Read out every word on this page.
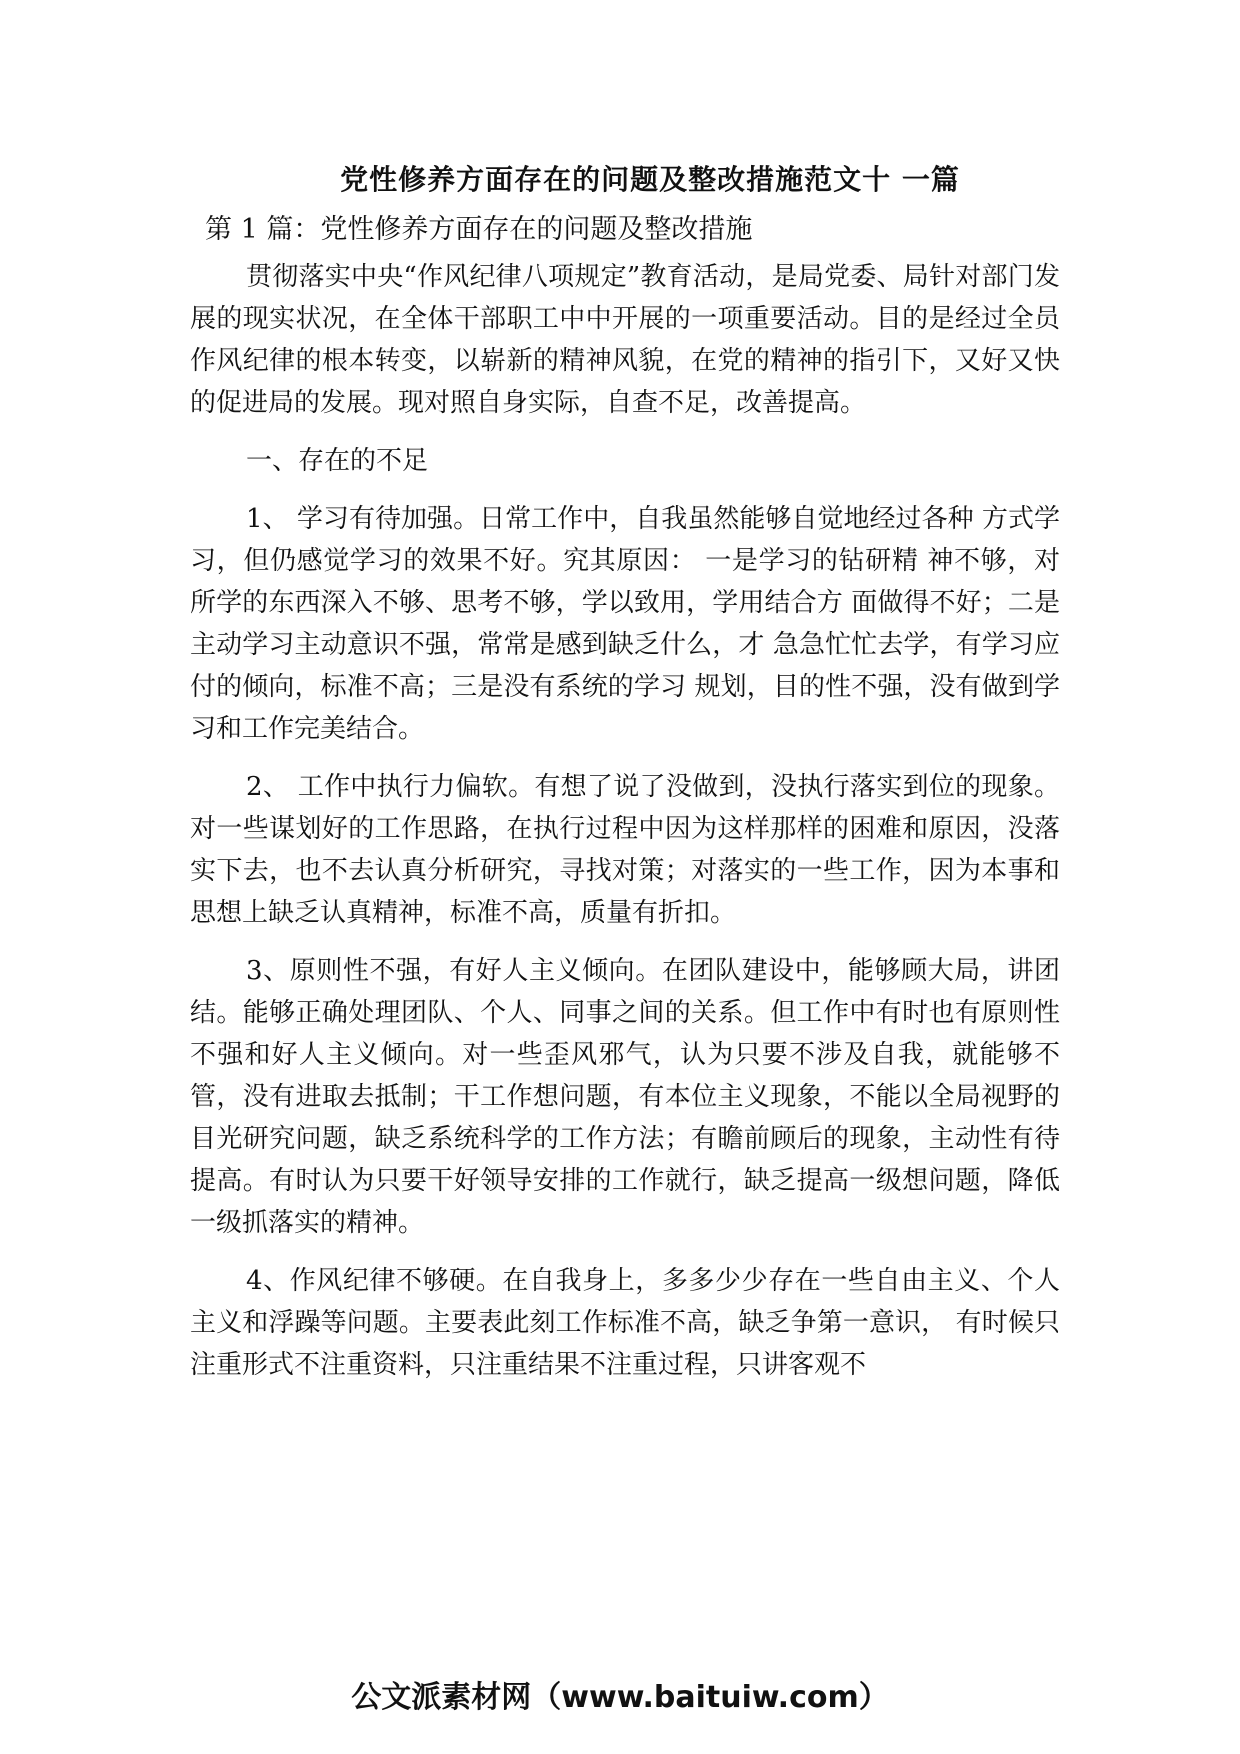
党性修养方面存在的问题及整改措施范文十 一篇

第 1 篇：党性修养方面存在的问题及整改措施

贯彻落实中央“作风纪律八项规定”教育活动，是局党委、局针对部门发展的现实状况，在全体干部职工中中开展的一项重要活动。目的是经过全员作风纪律的根本转变，以崭新的精神风貌，在党的精神的指引下，又好又快的促进局的发展。现对照自身实际，自查不足，改善提高。

一、存在的不足

1、 学习有待加强。日常工作中，自我虽然能够自觉地经过各种 方式学习，但仍感觉学习的效果不好。究其原因： 一是学习的钻研精 神不够，对所学的东西深入不够、思考不够，学以致用，学用结合方 面做得不好；二是主动学习主动意识不强，常常是感到缺乏什么，才 急急忙忙去学，有学习应付的倾向，标准不高；三是没有系统的学习 规划，目的性不强，没有做到学习和工作完美结合。

2、 工作中执行力偏软。有想了说了没做到，没执行落实到位的现象。对一些谋划好的工作思路，在执行过程中因为这样那样的困难和原因，没落实下去，也不去认真分析研究，寻找对策；对落实的一些工作，因为本事和思想上缺乏认真精神，标准不高，质量有折扣。

3、原则性不强，有好人主义倾向。在团队建设中，能够顾大局，讲团结。能够正确处理团队、个人、同事之间的关系。但工作中有时也有原则性不强和好人主义倾向。对一些歪风邪气，认为只要不涉及自我，就能够不管，没有进取去抵制；干工作想问题，有本位主义现象，不能以全局视野的目光研究问题，缺乏系统科学的工作方法；有瞻前顾后的现象，主动性有待提高。有时认为只要干好领导安排的工作就行，缺乏提高一级想问题，降低一级抓落实的精神。

4、作风纪律不够硬。在自我身上，多多少少存在一些自由主义、个人主义和浮躁等问题。主要表此刻工作标准不高，缺乏争第一意识， 有时候只注重形式不注重资料，只注重结果不注重过程，只讲客观不

公文派素材网（www.baituiw.com）
